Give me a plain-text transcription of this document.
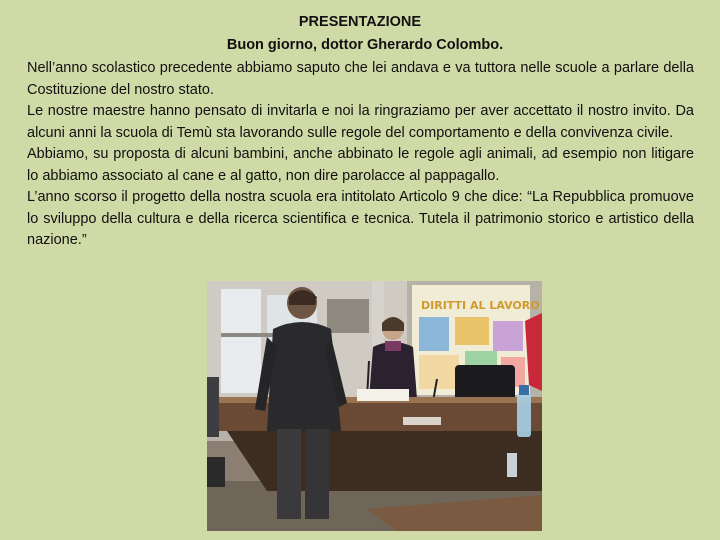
PRESENTAZIONE
Buon giorno, dottor Gherardo Colombo.

Nell’anno scolastico precedente abbiamo saputo che lei andava e va tuttora nelle scuole a parlare della Costituzione del nostro stato.

Le nostre maestre hanno pensato di invitarla e noi la ringraziamo per aver accettato il nostro invito. Da alcuni anni la scuola di Temù sta lavorando sulle regole del comportamento e della convivenza civile.

Abbiamo, su proposta di alcuni bambini, anche abbinato le regole agli animali, ad esempio non litigare lo abbiamo associato al cane e al gatto, non dire parolacce al pappagallo.

L’anno scorso il progetto della nostra scuola era intitolato Articolo 9 che dice: “La Repubblica promuove lo sviluppo della cultura e della ricerca scientifica e tecnica. Tutela il patrimonio storico e artistico della nazione.”

DIRITTI AL LAVORO
